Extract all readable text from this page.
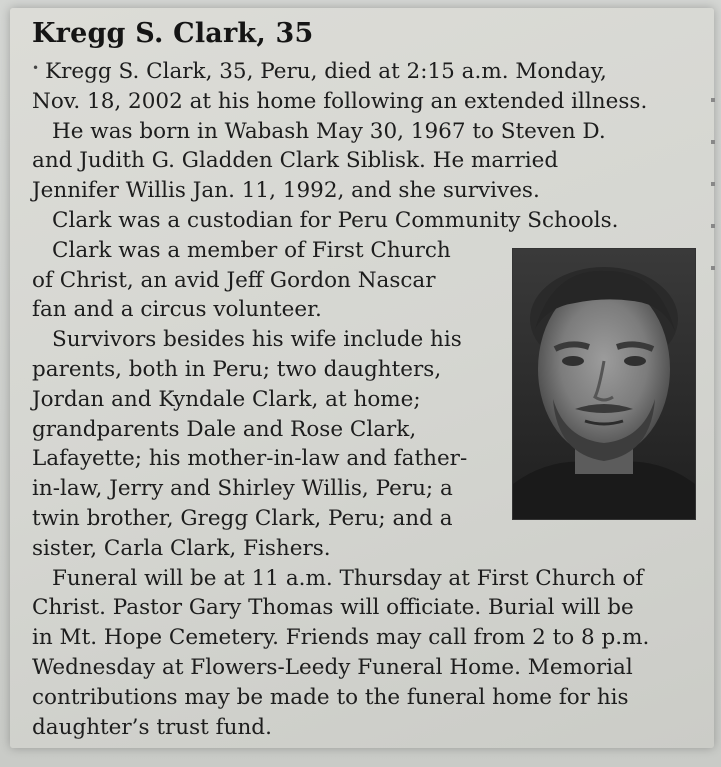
Kregg S. Clark, 35

• Kregg S. Clark, 35, Peru, died at 2:15 a.m. Monday,

Nov. 18, 2002 at his home following an extended illness.

He was born in Wabash May 30, 1967 to Steven D.

and Judith G. Gladden Clark Siblisk. He married

Jennifer Willis Jan. 11, 1992, and she survives.

Clark was a custodian for Peru Community Schools.

Clark was a member of First Church

of Christ, an avid Jeff Gordon Nascar

fan and a circus volunteer.

Survivors besides his wife include his

parents, both in Peru; two daughters,

Jordan and Kyndale Clark, at home;

grandparents Dale and Rose Clark,

Lafayette; his mother-in-law and father-

in-law, Jerry and Shirley Willis, Peru; a

twin brother, Gregg Clark, Peru; and a

sister, Carla Clark, Fishers.

Funeral will be at 11 a.m. Thursday at First Church of

Christ. Pastor Gary Thomas will officiate. Burial will be

in Mt. Hope Cemetery. Friends may call from 2 to 8 p.m.

Wednesday at Flowers-Leedy Funeral Home. Memorial

contributions may be made to the funeral home for his

daughter’s trust fund.
